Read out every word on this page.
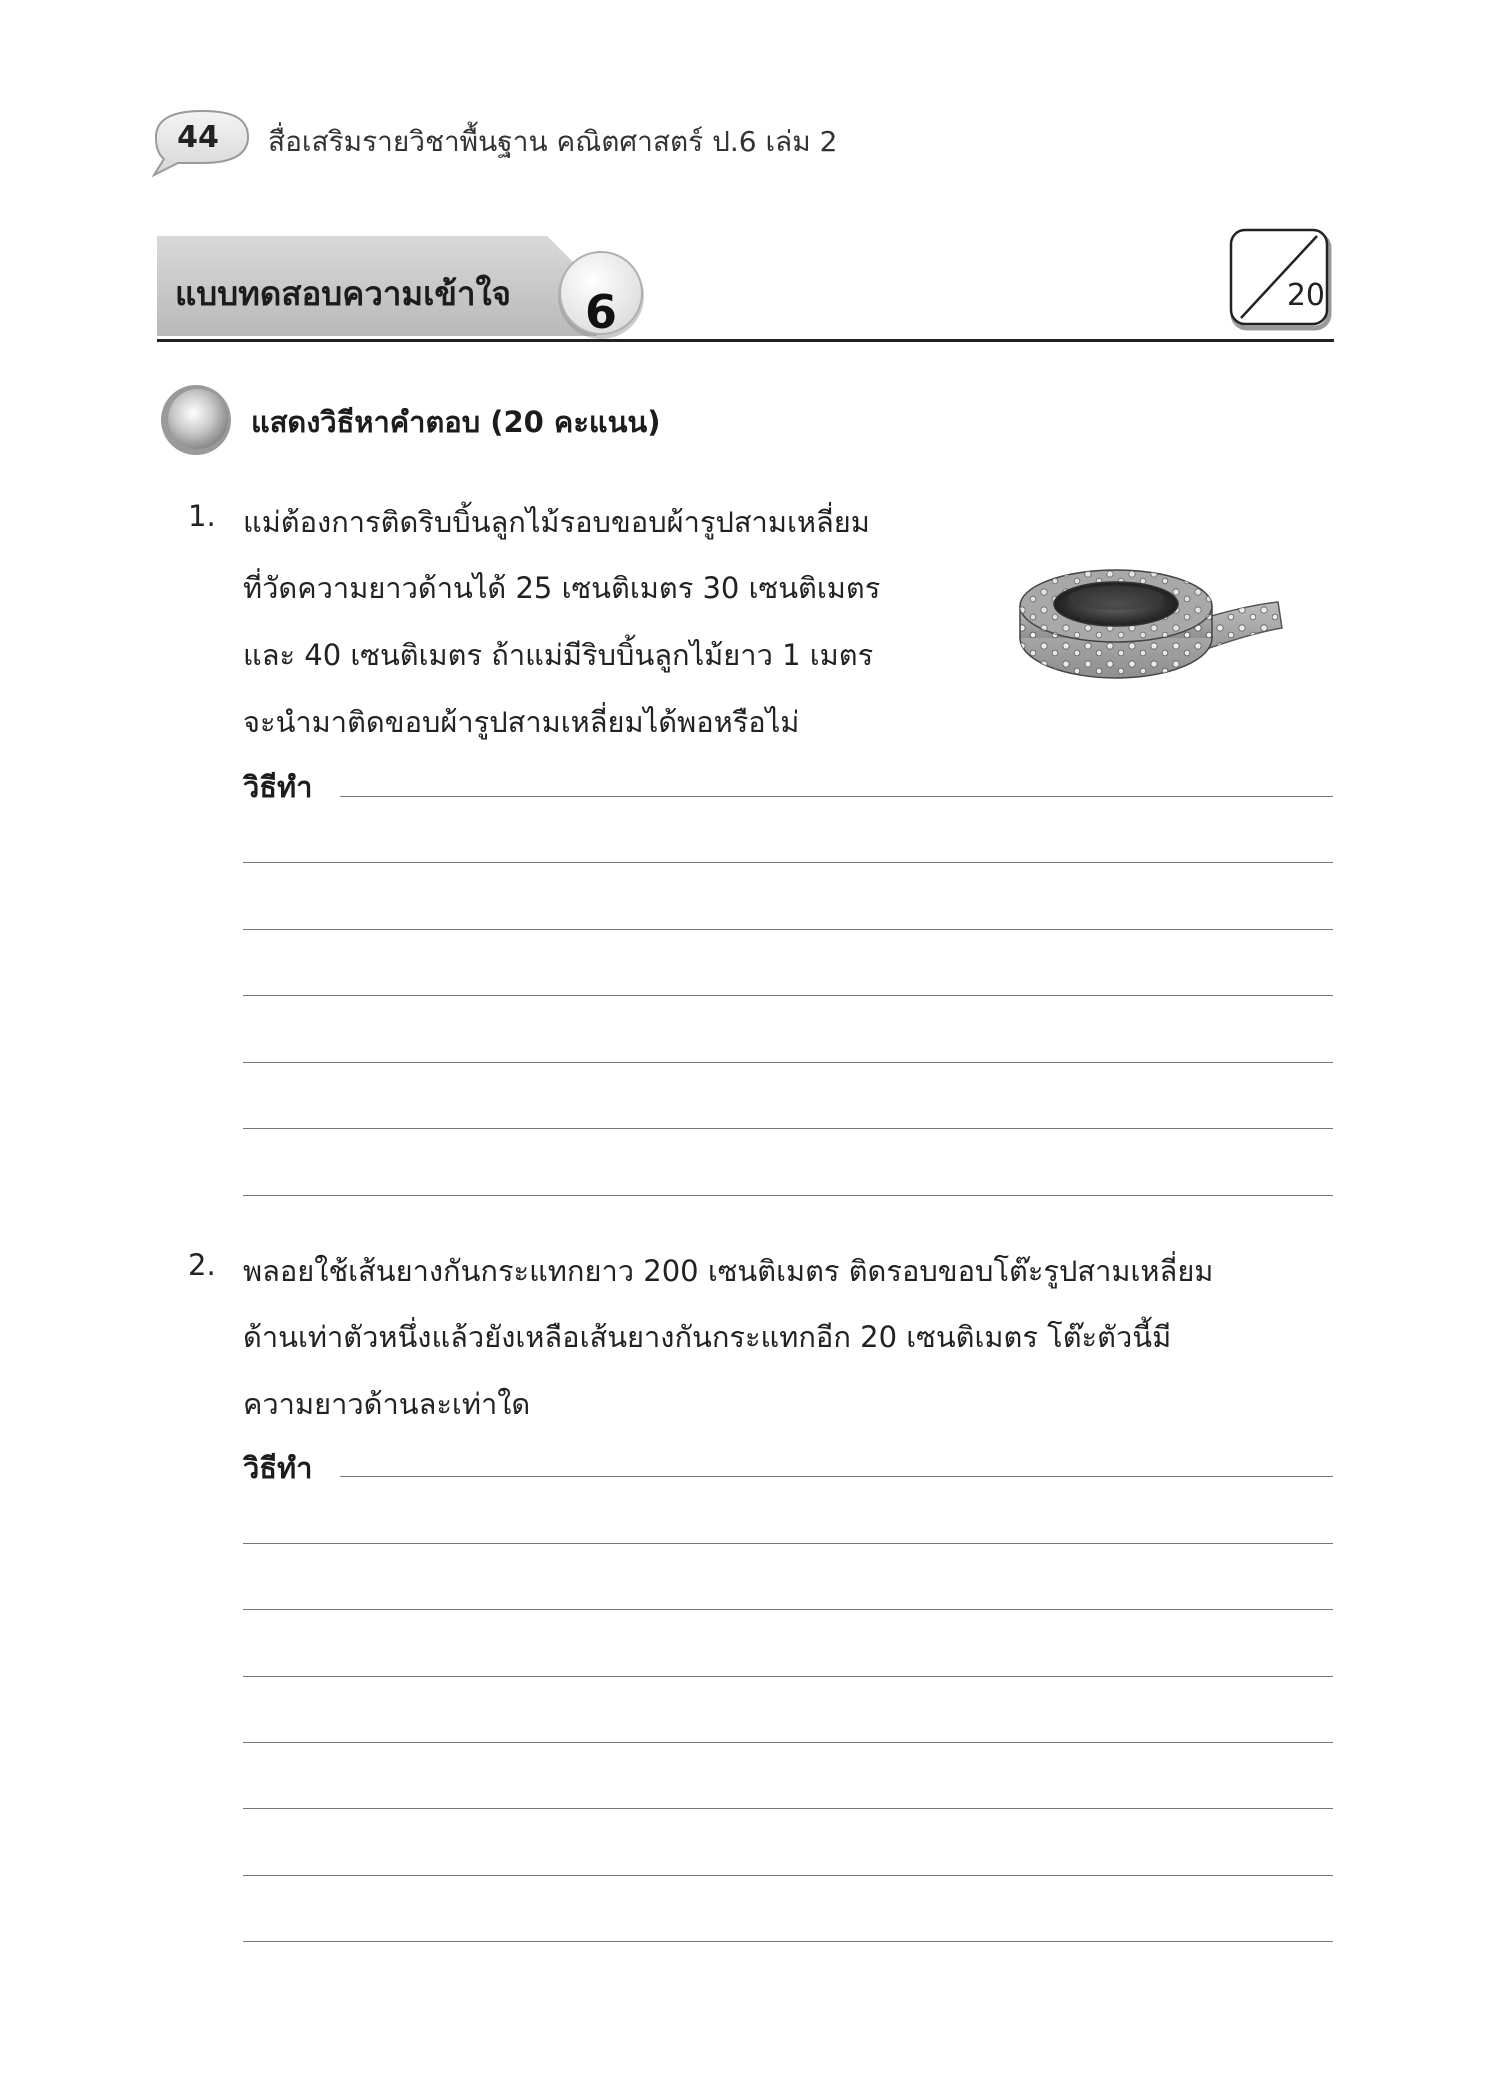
44	สื่อเสริมรายวิชาพื้นฐาน คณิตศาสตร์ ป.6 เล่ม 2
แบบทดสอบความเข้าใจ	6	20
แสดงวิธีหาคำตอบ (20 คะแนน)
1. แม่ต้องการติดริบบิ้นลูกไม้รอบขอบผ้ารูปสามเหลี่ยม
ที่วัดความยาวด้านได้ 25 เซนติเมตร 30 เซนติเมตร
และ 40 เซนติเมตร ถ้าแม่มีริบบิ้นลูกไม้ยาว 1 เมตร
จะนำมาติดขอบผ้ารูปสามเหลี่ยมได้พอหรือไม่
วิธีทำ
2. พลอยใช้เส้นยางกันกระแทกยาว 200 เซนติเมตร ติดรอบขอบโต๊ะรูปสามเหลี่ยม
ด้านเท่าตัวหนึ่งแล้วยังเหลือเส้นยางกันกระแทกอีก 20 เซนติเมตร โต๊ะตัวนี้มี
ความยาวด้านละเท่าใด
วิธีทำ
